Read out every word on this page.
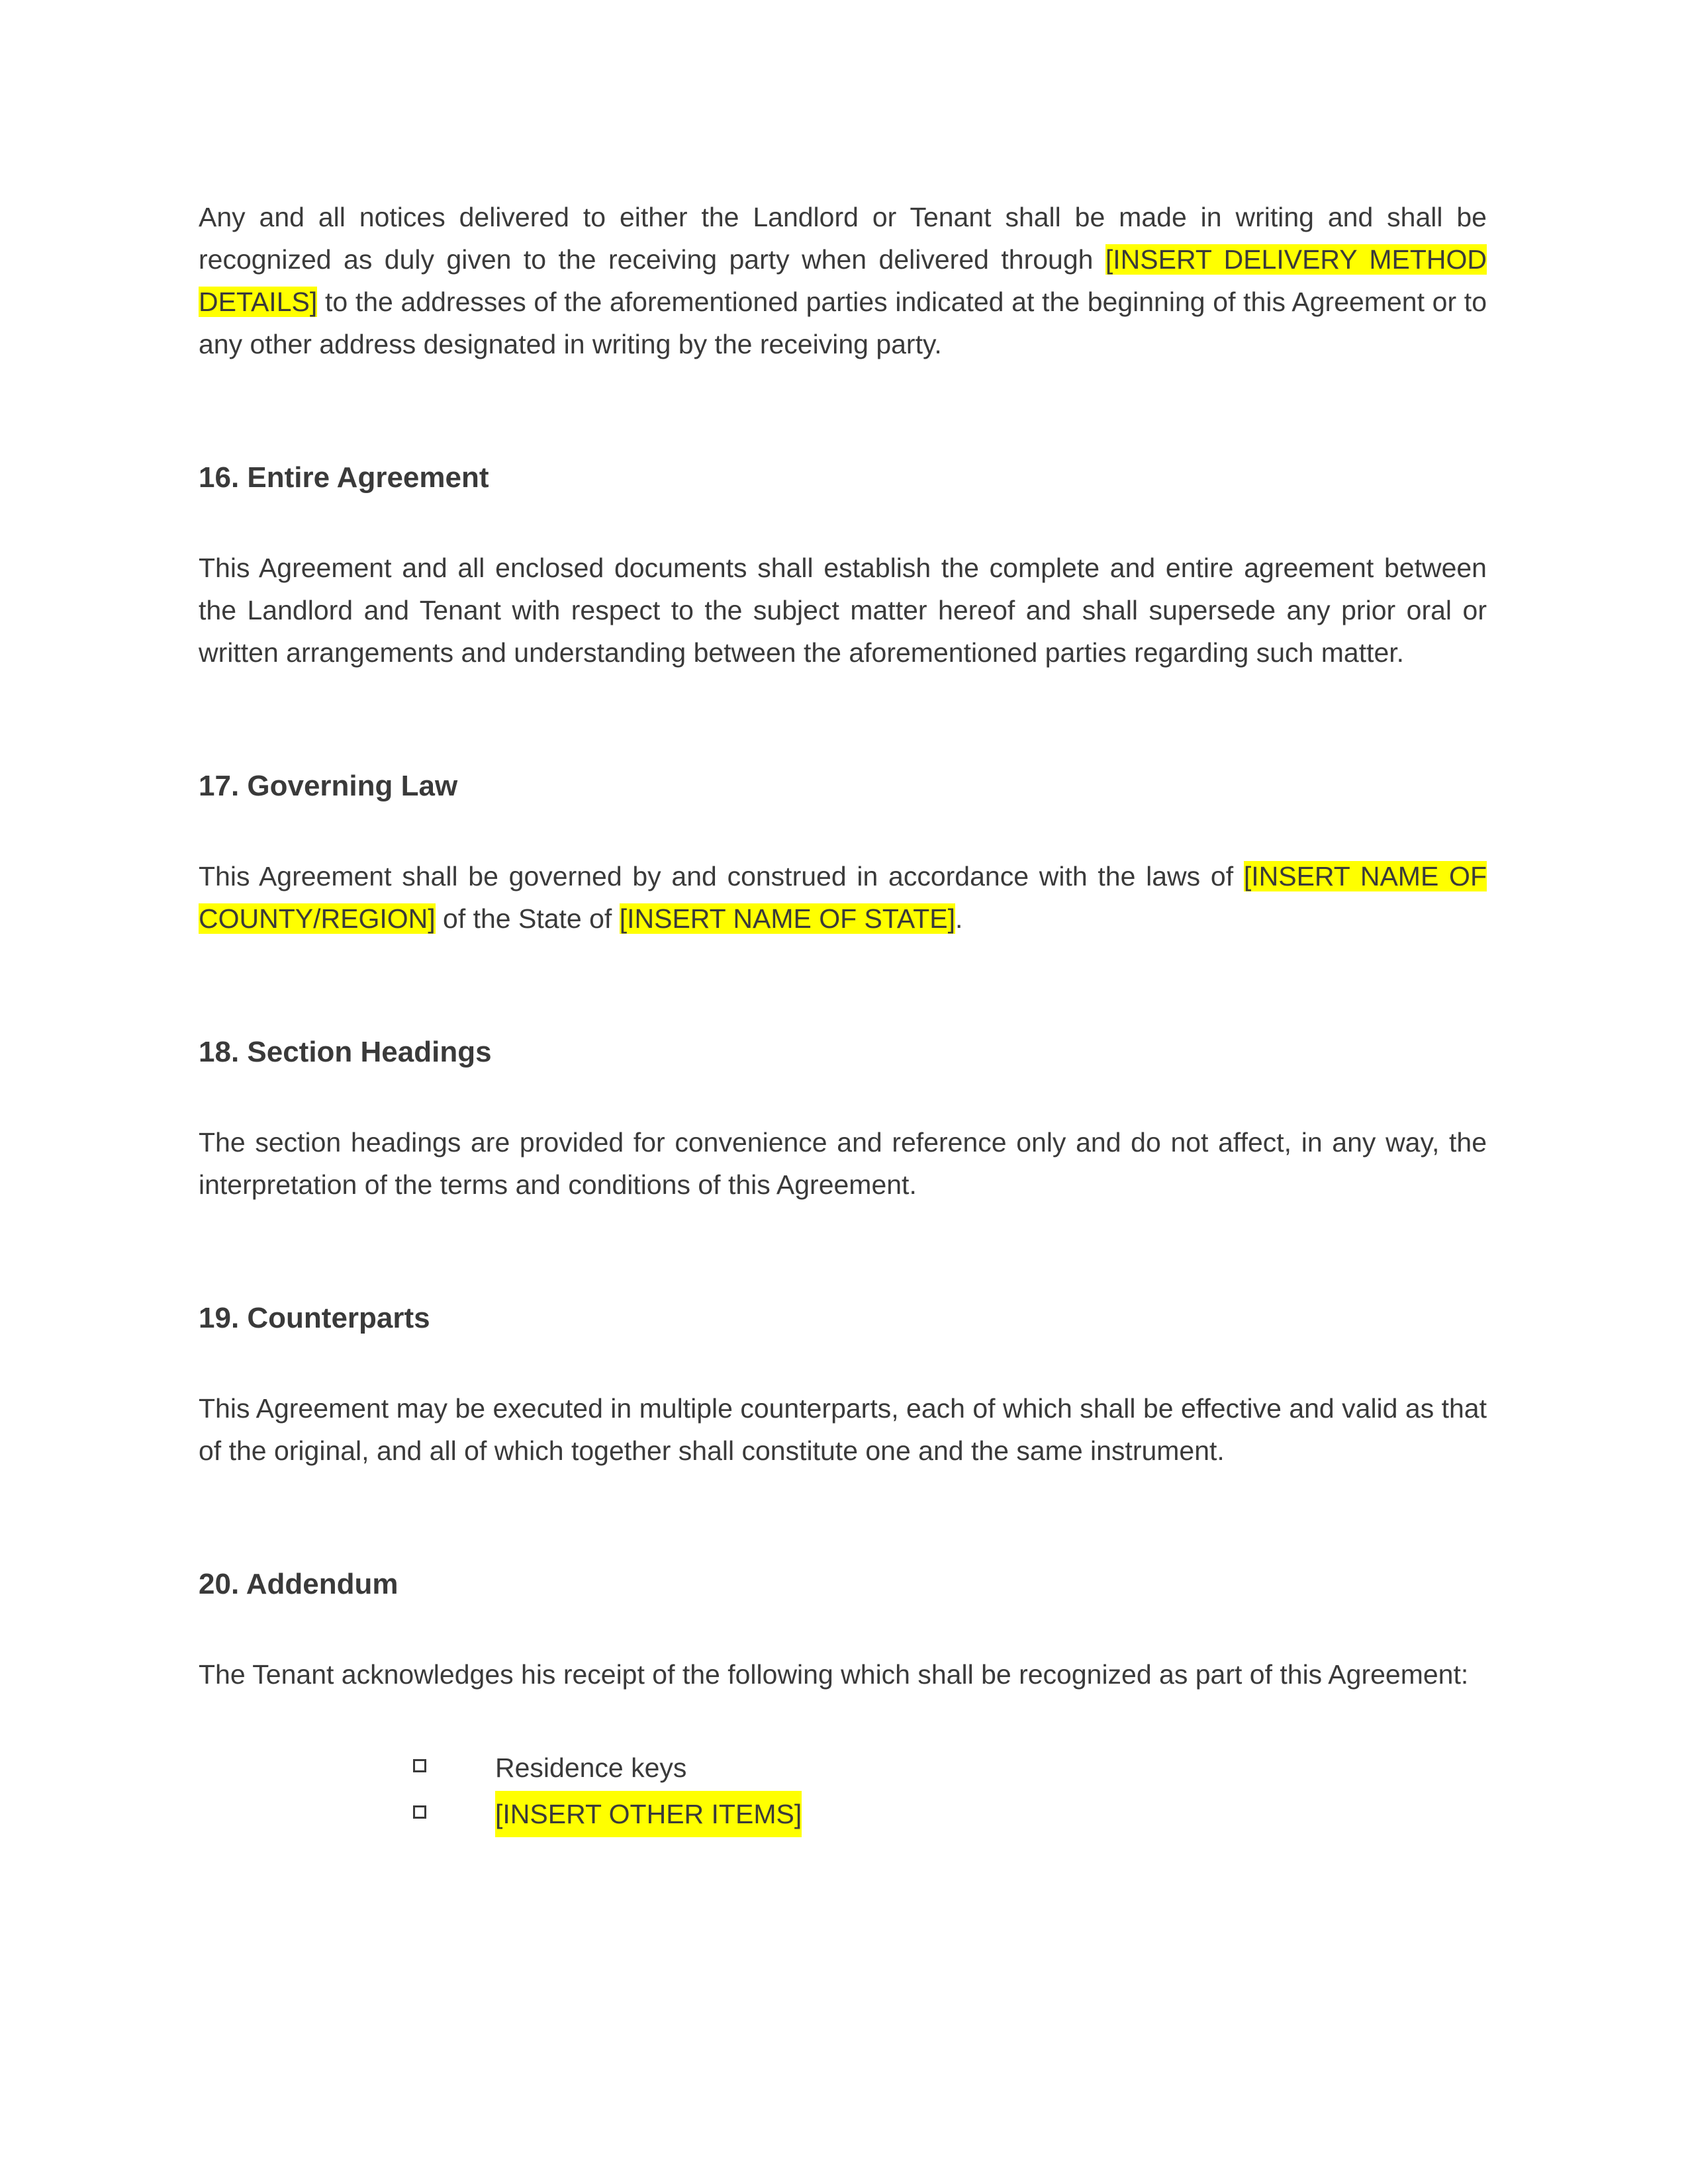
Any and all notices delivered to either the Landlord or Tenant shall be made in writing and shall be recognized as duly given to the receiving party when delivered through [INSERT DELIVERY METHOD DETAILS] to the addresses of the aforementioned parties indicated at the beginning of this Agreement or to any other address designated in writing by the receiving party.

16. Entire Agreement

This Agreement and all enclosed documents shall establish the complete and entire agreement between the Landlord and Tenant with respect to the subject matter hereof and shall supersede any prior oral or written arrangements and understanding between the aforementioned parties regarding such matter.

17. Governing Law

This Agreement shall be governed by and construed in accordance with the laws of [INSERT NAME OF COUNTY/REGION] of the State of [INSERT NAME OF STATE].

18. Section Headings

The section headings are provided for convenience and reference only and do not affect, in any way, the interpretation of the terms and conditions of this Agreement.

19. Counterparts

This Agreement may be executed in multiple counterparts, each of which shall be effective and valid as that of the original, and all of which together shall constitute one and the same instrument.

20. Addendum

The Tenant acknowledges his receipt of the following which shall be recognized as part of this Agreement:

Residence keys
[INSERT OTHER ITEMS]
